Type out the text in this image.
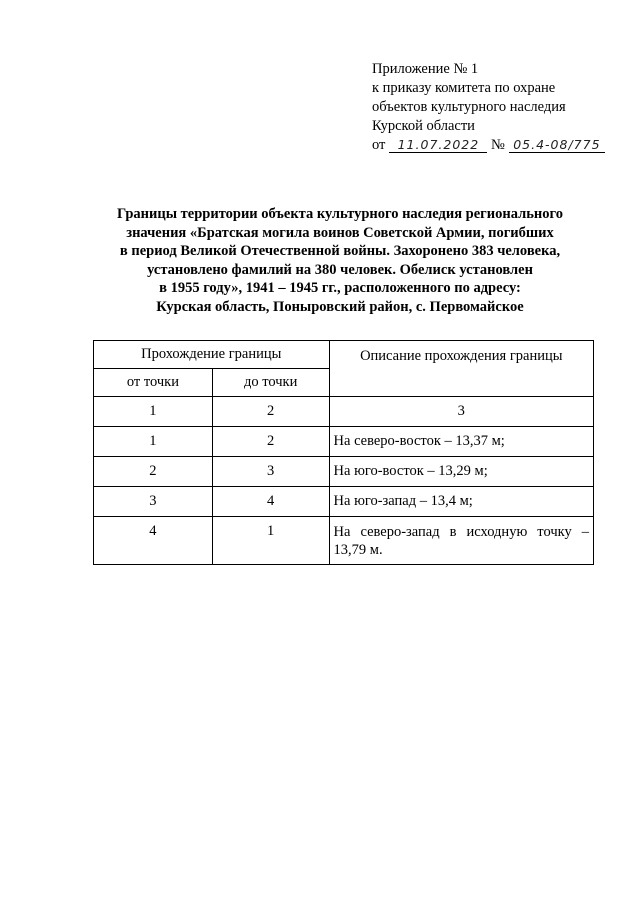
Приложение № 1
к приказу комитета по охране
объектов культурного наследия
Курской области
от 11.07.2022 № 05.4-08/775
Границы территории объекта культурного наследия регионального
значения «Братская могила воинов Советской Армии, погибших
в период Великой Отечественной войны. Захоронено 383 человека,
установлено фамилий на 380 человек. Обелиск установлен
в 1955 году», 1941 – 1945 гг., расположенного по адресу:
Курская область, Поныровский район, с. Первомайское
Прохождение границы		Описание прохождения границы
от точки	до точки	
1	2	3
1	2	На северо-восток – 13,37 м;
2	3	На юго-восток – 13,29 м;
3	4	На юго-запад – 13,4 м;
4	1	На северо-запад в исходную точку – 13,79 м.
